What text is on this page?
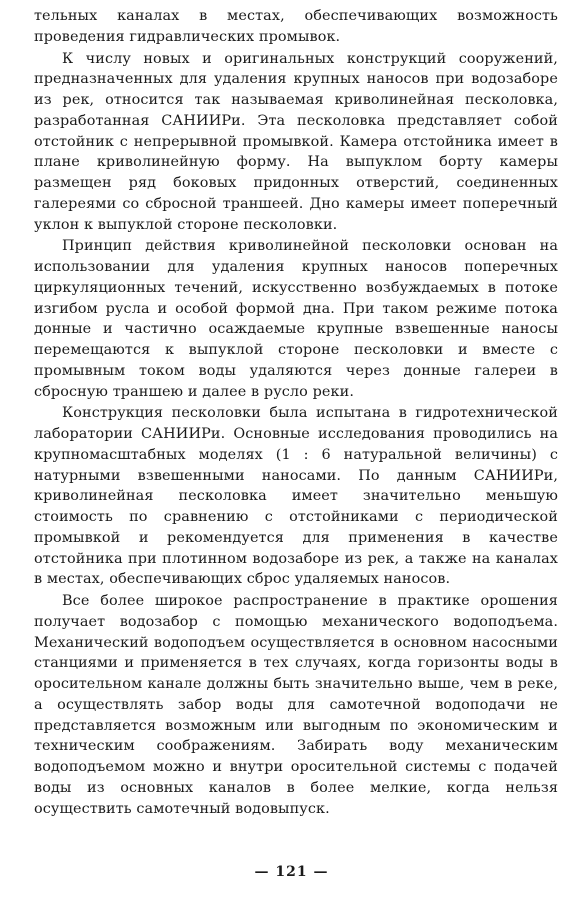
тельных каналах в местах, обеспечивающих возможность проведения гидравлических промывок.

К числу новых и оригинальных конструкций сооружений, предназначенных для удаления крупных наносов при водозаборе из рек, относится так называемая криволинейная песколовка, разработанная САНИИРи. Эта песколовка представляет собой отстойник с непрерывной промывкой. Камера отстойника имеет в плане криволинейную форму. На выпуклом борту камеры размещен ряд боковых придонных отверстий, соединенных галереями со сбросной траншеей. Дно камеры имеет поперечный уклон к выпуклой стороне песколовки.

Принцип действия криволинейной песколовки основан на использовании для удаления крупных наносов поперечных циркуляционных течений, искусственно возбуждаемых в потоке изгибом русла и особой формой дна. При таком режиме потока донные и частично осаждаемые крупные взвешенные наносы перемещаются к выпуклой стороне песколовки и вместе с промывным током воды удаляются через донные галереи в сбросную траншею и далее в русло реки.

Конструкция песколовки была испытана в гидротехнической лаборатории САНИИРи. Основные исследования проводились на крупномасштабных моделях (1 : 6 натуральной величины) с натурными взвешенными наносами. По данным САНИИРи, криволинейная песколовка имеет значительно меньшую стоимость по сравнению с отстойниками с периодической промывкой и рекомендуется для применения в качестве отстойника при плотинном водозаборе из рек, а также на каналах в местах, обеспечивающих сброс удаляемых наносов.

Все более широкое распространение в практике орошения получает водозабор с помощью механического водоподъема. Механический водоподъем осуществляется в основном насосными станциями и применяется в тех случаях, когда горизонты воды в оросительном канале должны быть значительно выше, чем в реке, а осуществлять забор воды для самотечной водоподачи не представляется возможным или выгодным по экономическим и техническим соображениям. Забирать воду механическим водоподъемом можно и внутри оросительной системы с подачей воды из основных каналов в более мелкие, когда нельзя осуществить самотечный водовыпуск.

— 121 —
